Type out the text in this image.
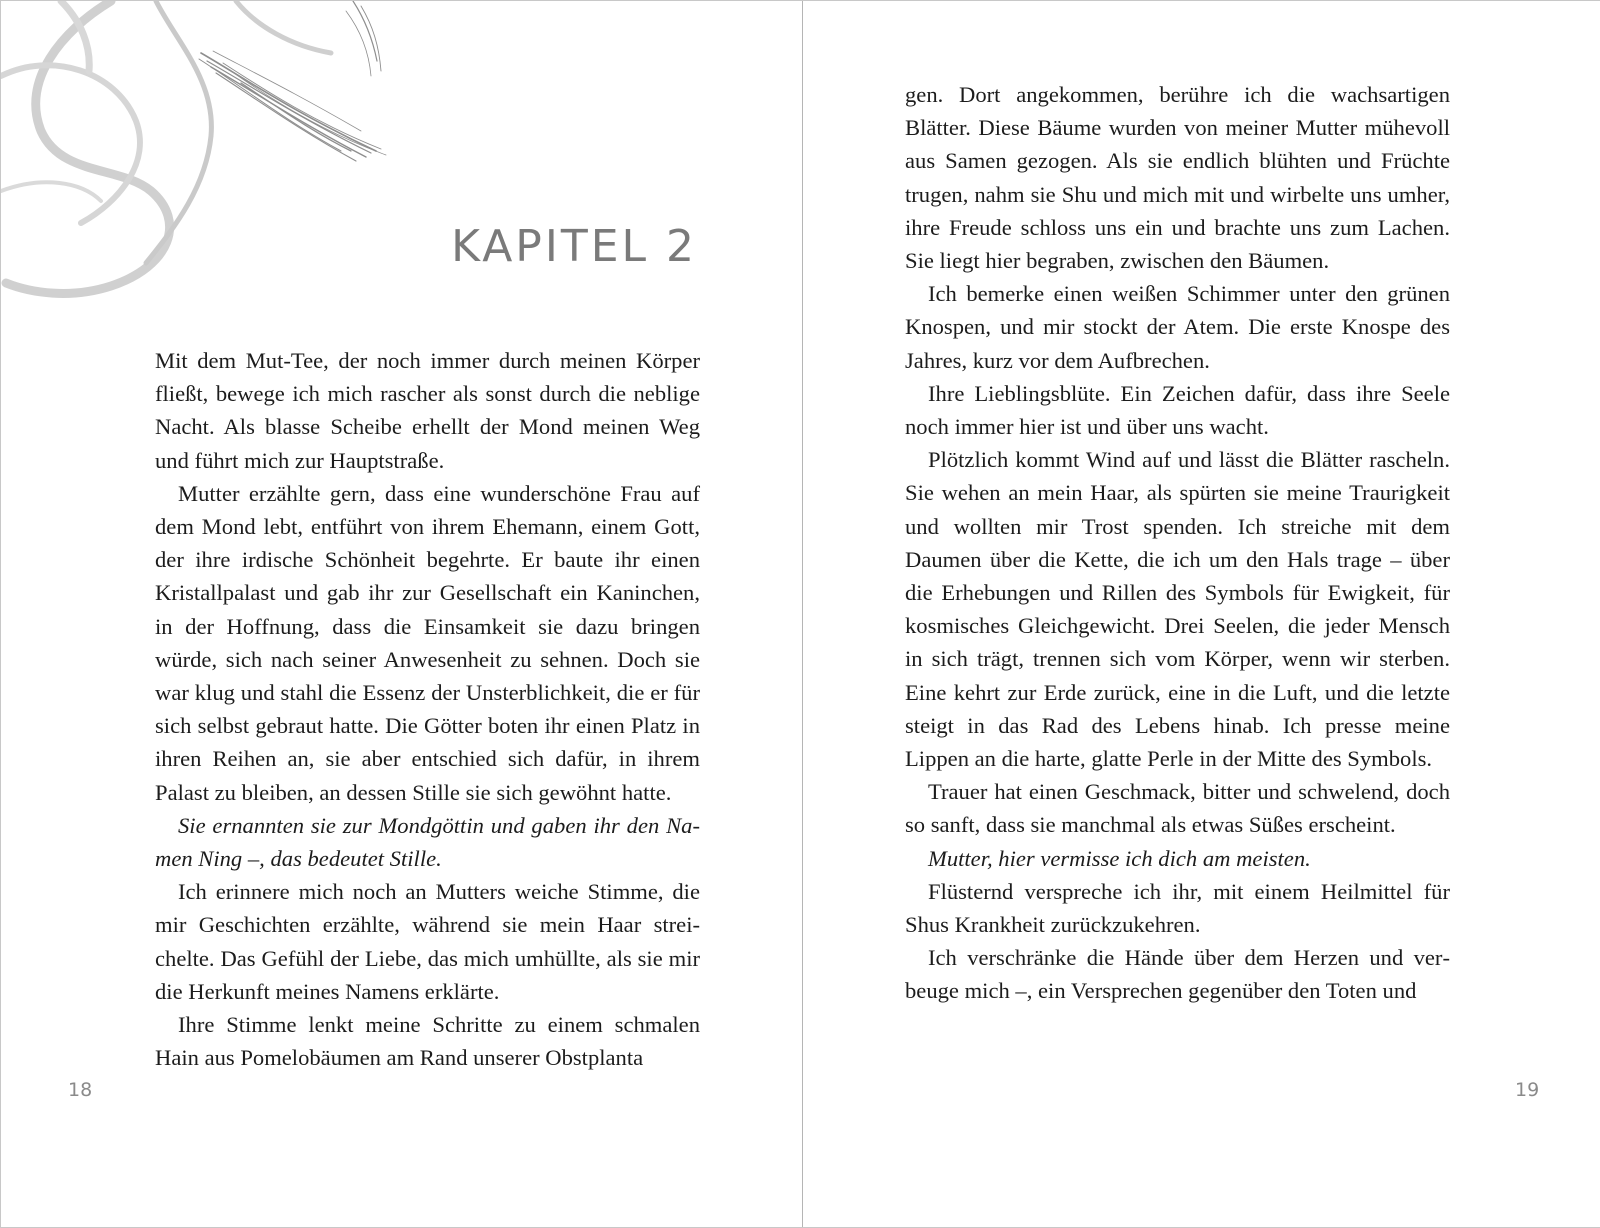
KAPITEL 2

Mit dem Mut-Tee, der noch immer durch meinen Körper fließt, bewege ich mich rascher als sonst durch die neblige Nacht. Als blasse Scheibe erhellt der Mond meinen Weg und führt mich zur Hauptstraße.

Mutter erzählte gern, dass eine wunderschöne Frau auf dem Mond lebt, entführt von ihrem Ehemann, einem Gott, der ihre irdische Schönheit begehrte. Er baute ihr einen Kristallpalast und gab ihr zur Gesellschaft ein Kaninchen, in der Hoffnung, dass die Einsamkeit sie dazu bringen würde, sich nach seiner Anwesenheit zu sehnen. Doch sie war klug und stahl die Essenz der Unsterblichkeit, die er für sich selbst gebraut hatte. Die Götter boten ihr einen Platz in ihren Reihen an, sie aber entschied sich dafür, in ihrem Palast zu bleiben, an dessen Stille sie sich gewöhnt hatte.

Sie ernannten sie zur Mondgöttin und gaben ihr den Namen Ning –, das bedeutet Stille.

Ich erinnere mich noch an Mutters weiche Stimme, die mir Geschichten erzählte, während sie mein Haar streichelte. Das Gefühl der Liebe, das mich umhüllte, als sie mir die Herkunft meines Namens erklärte.

Ihre Stimme lenkt meine Schritte zu einem schmalen Hain aus Pomelobäumen am Rand unserer Obstplanta

18

gen. Dort angekommen, berühre ich die wachsartigen Blätter. Diese Bäume wurden von meiner Mutter mühevoll aus Samen gezogen. Als sie endlich blühten und Früchte trugen, nahm sie Shu und mich mit und wirbelte uns umher, ihre Freude schloss uns ein und brachte uns zum Lachen. Sie liegt hier begraben, zwischen den Bäumen.

Ich bemerke einen weißen Schimmer unter den grünen Knospen, und mir stockt der Atem. Die erste Knospe des Jahres, kurz vor dem Aufbrechen.

Ihre Lieblingsblüte. Ein Zeichen dafür, dass ihre Seele noch immer hier ist und über uns wacht.

Plötzlich kommt Wind auf und lässt die Blätter rascheln. Sie wehen an mein Haar, als spürten sie meine Traurigkeit und wollten mir Trost spenden. Ich streiche mit dem Daumen über die Kette, die ich um den Hals trage – über die Erhebungen und Rillen des Symbols für Ewigkeit, für kosmisches Gleichgewicht. Drei Seelen, die jeder Mensch in sich trägt, trennen sich vom Körper, wenn wir sterben. Eine kehrt zur Erde zurück, eine in die Luft, und die letzte steigt in das Rad des Lebens hinab. Ich presse meine Lippen an die harte, glatte Perle in der Mitte des Symbols.

Trauer hat einen Geschmack, bitter und schwelend, doch so sanft, dass sie manchmal als etwas Süßes erscheint.

Mutter, hier vermisse ich dich am meisten.

Flüsternd verspreche ich ihr, mit einem Heilmittel für Shus Krankheit zurückzukehren.

Ich verschränke die Hände über dem Herzen und verbeuge mich –, ein Versprechen gegenüber den Toten und

19
